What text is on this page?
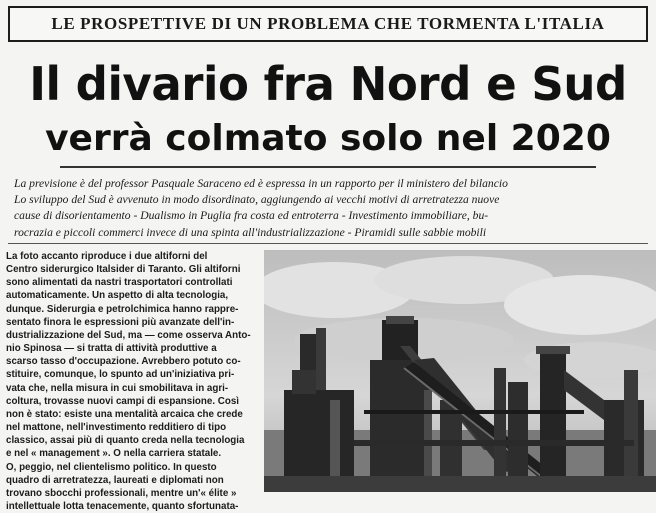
LE PROSPETTIVE DI UN PROBLEMA CHE TORMENTA L'ITALIA
Il divario fra Nord e Sud
verrà colmato solo nel 2020
La previsione è del professor Pasquale Saraceno ed è espressa in un rapporto per il ministero del bilancio
Lo sviluppo del Sud è avvenuto in modo disordinato, aggiungendo ai vecchi motivi di arretratezza nuove
cause di disorientamento - Dualismo in Puglia fra costa ed entroterra - Investimento immobiliare, bu-
rocrazia e piccoli commerci invece di una spinta all'industrializzazione - Piramidi sulle sabbie mobili
La foto accanto riproduce i due altiforni del
Centro siderurgico Italsider di Taranto. Gli altiforni
sono alimentati da nastri trasportatori controllati
automaticamente. Un aspetto di alta tecnologia,
dunque. Siderurgia e petrolchimica hanno rappre-
sentato finora le espressioni più avanzate dell'in-
dustrializzazione del Sud, ma — come osserva Anto-
nio Spinosa — si tratta di attività produttive a
scarso tasso d'occupazione. Avrebbero potuto co-
stituire, comunque, lo spunto ad un'iniziativa pri-
vata che, nella misura in cui smobilitava in agri-
coltura, trovasse nuovi campi di espansione. Così
non è stato: esiste una mentalità arcaica che crede
nel mattone, nell'investimento redditiero di tipo
classico, assai più di quanto creda nella tecnologia
e nel « management ». O nella carriera statale.
O, peggio, nel clientelismo politico. In questo
quadro di arretratezza, laureati e diplomati non
trovano sbocchi professionali, mentre un'« élite »
intellettuale lotta tenacemente, quanto sfortunata-
